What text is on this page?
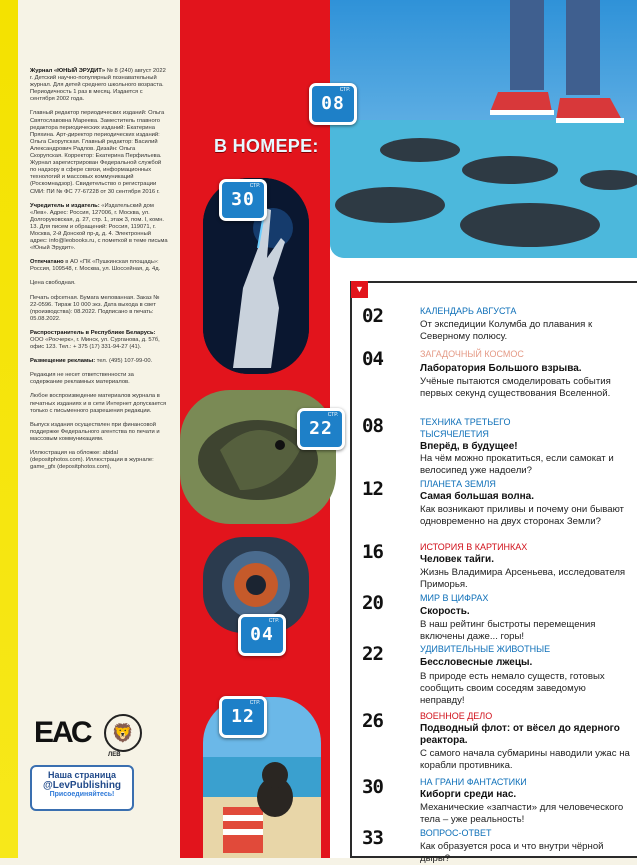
Журнал «ЮНЫЙ ЭРУДИТ» № 8 (240) август 2022 г. Детский научно-популярный познавательный журнал. Для детей среднего школьного возраста. Периодичность 1 раз в месяц. Издается с сентября 2002 года.

Главный редактор периодических изданий: Ольга Святославовна Мареева. Заместитель главного редактора периодических изданий: Екатерина Пряхина. Арт-директор периодических изданий: Ольга Скорупская. Главный редактор: Василий Александрович Радлов. Дизайн: Ольга Скорупская. Корректор: Екатерина Перфильева. Журнал зарегистрирован Федеральной службой по надзору в сфере связи, информационных технологий и массовых коммуникаций (Роскомнадзор). Свидетельство о регистрации СМИ: ПИ № ФС 77-67228 от 30 сентября 2016 г.

Учредитель и издатель: «Издательский дом «Лев». Адрес: Россия, 127006, г. Москва, ул. Долгоруковская, д. 27, стр. 1, этаж 3, пом. I, комн. 13. Для писем и обращений: Россия, 119071, г. Москва, 2-й Донской пр-д, д. 4. Электронный адрес: info@leobooks.ru, с пометкой в теме письма «Юный Эрудит».

Отпечатано в АО «ПК «Пушкинская площадь»: Россия, 109548, г. Москва, ул. Шоссейная, д. 4д.

Цена свободная.

Печать офсетная. Бумага мелованная. Заказ № 22-0596. Тираж 10 000 экз. Дата выхода в свет (производства): 08.2022. Подписано в печать: 05.08.2022.

Распространитель в Республике Беларусь: ООО «Росчерк», г. Минск, ул. Сурганова, д. 57б, офис 123. Тел.: + 375 (17) 331-94-27 (41).

Размещение рекламы: тел. (495) 107-99-00.

Редакция не несет ответственности за содержание рекламных материалов.

Любое воспроизведение материалов журнала в печатных изданиях и в сети Интернет допускается только с письменного разрешения редакции.

Выпуск издания осуществлен при финансовой поддержке Федерального агентства по печати и массовым коммуникациям.

Иллюстрация на обложке: abidal (depositphotos.com). Иллюстрации в журнале: game_gfx (depositphotos.com),

СТР.
08
В НОМЕРЕ:
СТР.
30
СТР.
22
СТР.
04
СТР.
12
▼
02	КАЛЕНДАРЬ АВГУСТА
От экспедиции Колумба до плавания к Северному полюсу.
04	ЗАГАДОЧНЫЙ КОСМОС
Лаборатория Большого взрыва.
Учёные пытаются смоделировать события первых секунд существования Вселенной.
08	ТЕХНИКА ТРЕТЬЕГО ТЫСЯЧЕЛЕТИЯ
Вперёд, в будущее!
На чём можно прокатиться, если самокат и велосипед уже надоели?
12	ПЛАНЕТА ЗЕМЛЯ
Самая большая волна.
Как возникают приливы и почему они бывают одновременно на двух сторонах Земли?
16	ИСТОРИЯ В КАРТИНКАХ
Человек тайги.
Жизнь Владимира Арсеньева, исследователя Приморья.
20	МИР В ЦИФРАХ
Скорость.
В наш рейтинг быстроты перемещения включены даже... горы!
22	УДИВИТЕЛЬНЫЕ ЖИВОТНЫЕ
Бессловесные лжецы.
В природе есть немало существ, готовых сообщить своим соседям заведомую неправду!
26	ВОЕННОЕ ДЕЛО
Подводный флот: от вёсел до ядерного реактора.
С самого начала субмарины наводили ужас на корабли противника.
30	НА ГРАНИ ФАНТАСТИКИ
Киборги среди нас.
Механические «запчасти» для человеческого тела – уже реальность!
33	ВОПРОС-ОТВЕТ
Как образуется роса и что внутри чёрной дыры?
ЕАС	🦁
ЛЕВ
Наша страница
@LevPublishing
Присоединяйтесь!
